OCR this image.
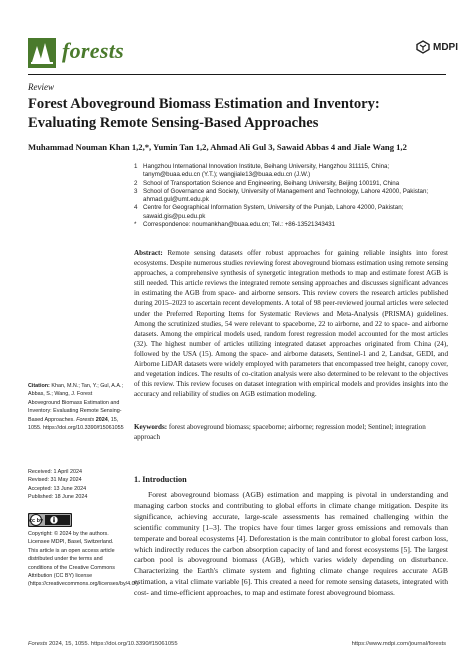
forests	MDPI
Review
Forest Aboveground Biomass Estimation and Inventory: Evaluating Remote Sensing-Based Approaches
Muhammad Nouman Khan 1,2,*, Yumin Tan 1,2, Ahmad Ali Gul 3, Sawaid Abbas 4 and Jiale Wang 1,2
1 Hangzhou International Innovation Institute, Beihang University, Hangzhou 311115, China; tanym@buaa.edu.cn (Y.T.); wangjiale13@buaa.edu.cn (J.W.)
2 School of Transportation Science and Engineering, Beihang University, Beijing 100191, China
3 School of Governance and Society, University of Management and Technology, Lahore 42000, Pakistan; ahmad.gul@umt.edu.pk
4 Centre for Geographical Information System, University of the Punjab, Lahore 42000, Pakistan; sawaid.gis@pu.edu.pk
*	Correspondence: noumankhan@buaa.edu.cn; Tel.: +86-13521343431
Abstract: Remote sensing datasets offer robust approaches for gaining reliable insights into forest ecosystems. Despite numerous studies reviewing forest aboveground biomass estimation using remote sensing approaches, a comprehensive synthesis of synergetic integration methods to map and estimate forest AGB is still needed. This article reviews the integrated remote sensing approaches and discusses significant advances in estimating the AGB from space- and airborne sensors. This review covers the research articles published during 2015–2023 to ascertain recent developments. A total of 98 peer-reviewed journal articles were selected under the Preferred Reporting Items for Systematic Reviews and Meta-Analysis (PRISMA) guidelines. Among the scrutinized studies, 54 were relevant to spaceborne, 22 to airborne, and 22 to space- and airborne datasets. Among the empirical models used, random forest regression model accounted for the most articles (32). The highest number of articles utilizing integrated dataset approaches originated from China (24), followed by the USA (15). Among the space- and airborne datasets, Sentinel-1 and 2, Landsat, GEDI, and Airborne LiDAR datasets were widely employed with parameters that encompassed tree height, canopy cover, and vegetation indices. The results of co-citation analysis were also determined to be relevant to the objectives of this review. This review focuses on dataset integration with empirical models and provides insights into the accuracy and reliability of studies on AGB estimation modeling.
Keywords: forest aboveground biomass; spaceborne; airborne; regression model; Sentinel; integration approach
Citation: Khan, M.N.; Tan, Y.; Gul, A.A.; Abbas, S.; Wang, J. Forest Aboveground Biomass Estimation and Inventory: Evaluating Remote Sensing-Based Approaches. Forests 2024, 15, 1055. https://doi.org/10.3390/f15061055
Received: 1 April 2024
Revised: 31 May 2024
Accepted: 13 June 2024
Published: 18 June 2024
cc by
Copyright: © 2024 by the authors. Licensee MDPI, Basel, Switzerland. This article is an open access article distributed under the terms and conditions of the Creative Commons Attribution (CC BY) license (https://creativecommons.org/licenses/by/4.0/).
1. Introduction
Forest aboveground biomass (AGB) estimation and mapping is pivotal in understanding and managing carbon stocks and contributing to global efforts in climate change mitigation. Despite its significance, achieving accurate, large-scale assessments has remained challenging within the scientific community [1–3]. The tropics have four times larger gross emissions and removals than temperate and boreal ecosystems [4]. Deforestation is the main contributor to global forest carbon loss, which indirectly reduces the carbon absorption capacity of land and forest ecosystems [5]. The largest carbon pool is aboveground biomass (AGB), which varies widely depending on disturbance. Characterizing the Earth's climate system and fighting climate change requires accurate AGB estimation, a vital climate variable [6]. This created a need for remote sensing datasets, integrated with cost- and time-efficient approaches, to map and estimate forest aboveground biomass.
Forests 2024, 15, 1055. https://doi.org/10.3390/f15061055	https://www.mdpi.com/journal/forests
